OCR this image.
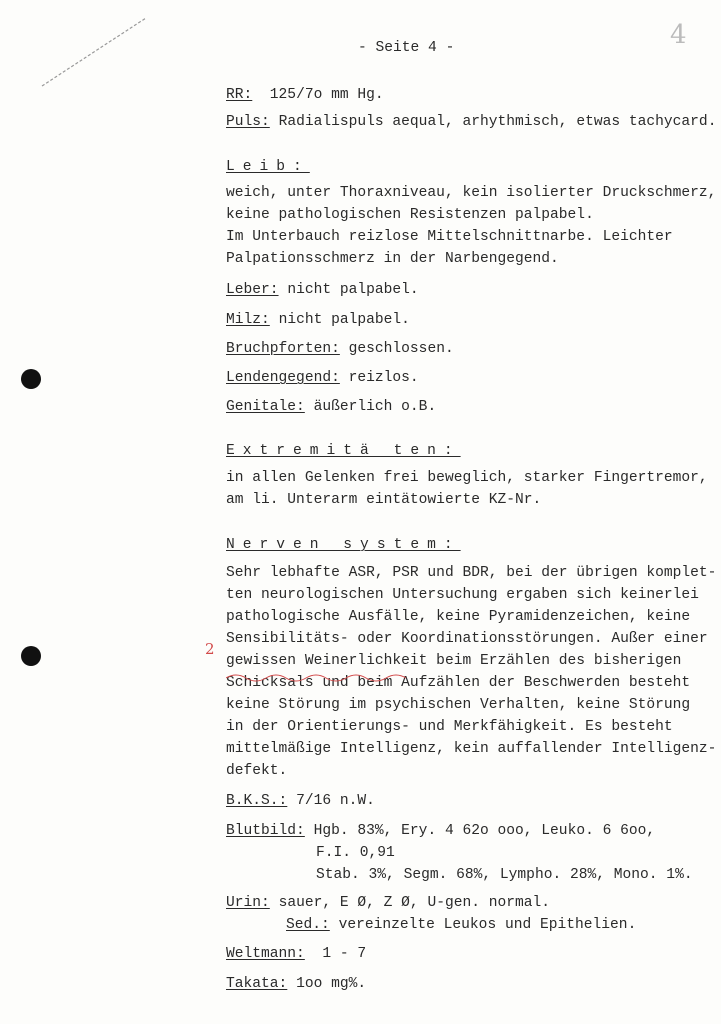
4
- Seite 4 -
RR: 125/7o mm Hg.
Puls: Radialispuls aequal, arhythmisch, etwas tachycard.
Leib:
weich, unter Thoraxniveau, kein isolierter Druckschmerz,
keine pathologischen Resistenzen palpabel.
Im Unterbauch reizlose Mittelschnittnarbe. Leichter
Palpationsschmerz in der Narbengegend.
Leber: nicht palpabel.
Milz: nicht palpabel.
Bruchpforten: geschlossen.
Lendengegend: reizlos.
Genitale: äußerlich o.B.
Extremitä ten:
in allen Gelenken frei beweglich, starker Fingertremor,
am li. Unterarm eintätowierte KZ-Nr.
Nerven system:
Sehr lebhafte ASR, PSR und BDR, bei der übrigen komplet-
ten neurologischen Untersuchung ergaben sich keinerlei
pathologische Ausfälle, keine Pyramidenzeichen, keine
Sensibilitäts- oder Koordinationsstörungen. Außer einer
gewissen Weinerlichkeit beim Erzählen des bisherigen
Schicksals und beim Aufzählen der Beschwerden besteht
keine Störung im psychischen Verhalten, keine Störung
in der Orientierungs- und Merkfähigkeit. Es besteht
mittelmäßige Intelligenz, kein auffallender Intelligenz-
defekt.
2
B.K.S.: 7/16 n.W.
Blutbild: Hgb. 83%, Ery. 4 62o ooo, Leuko. 6 6oo,
F.I. 0,91
Stab. 3%, Segm. 68%, Lympho. 28%, Mono. 1%.
Urin: sauer, E Ø, Z Ø, U-gen. normal.
Sed.: vereinzelte Leukos und Epithelien.
Weltmann: 1 - 7
Takata: 1oo mg%.
